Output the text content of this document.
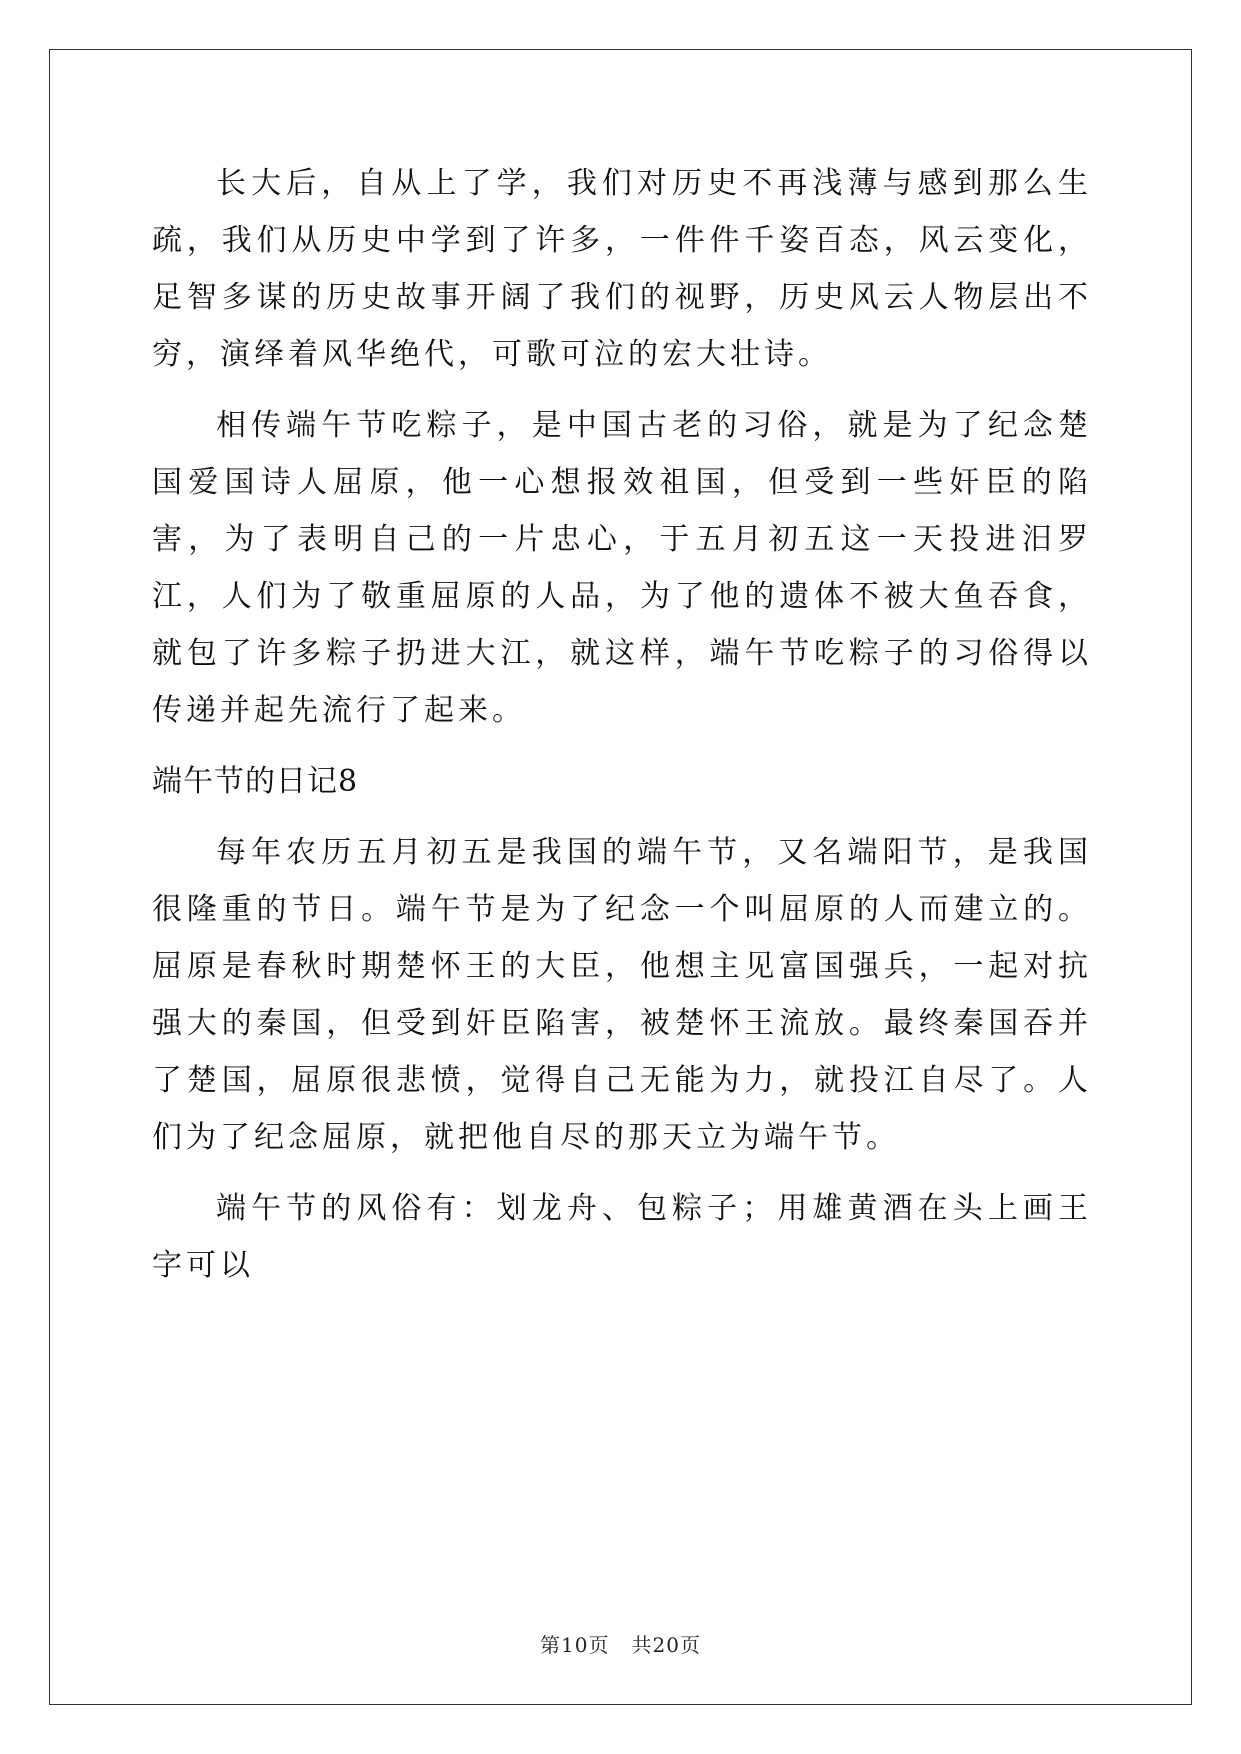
长大后，自从上了学，我们对历史不再浅薄与感到那么生疏，我们从历史中学到了许多，一件件千姿百态，风云变化，足智多谋的历史故事开阔了我们的视野，历史风云人物层出不穷，演绎着风华绝代，可歌可泣的宏大壮诗。

相传端午节吃粽子，是中国古老的习俗，就是为了纪念楚国爱国诗人屈原，他一心想报效祖国，但受到一些奸臣的陷害，为了表明自己的一片忠心，于五月初五这一天投进汨罗江，人们为了敬重屈原的人品，为了他的遗体不被大鱼吞食，就包了许多粽子扔进大江，就这样，端午节吃粽子的习俗得以传递并起先流行了起来。

端午节的日记8

每年农历五月初五是我国的端午节，又名端阳节，是我国很隆重的节日。端午节是为了纪念一个叫屈原的人而建立的。屈原是春秋时期楚怀王的大臣，他想主见富国强兵，一起对抗强大的秦国，但受到奸臣陷害，被楚怀王流放。最终秦国吞并了楚国，屈原很悲愤，觉得自己无能为力，就投江自尽了。人们为了纪念屈原，就把他自尽的那天立为端午节。

端午节的风俗有：划龙舟、包粽子；用雄黄酒在头上画王字可以

第10页 共20页
